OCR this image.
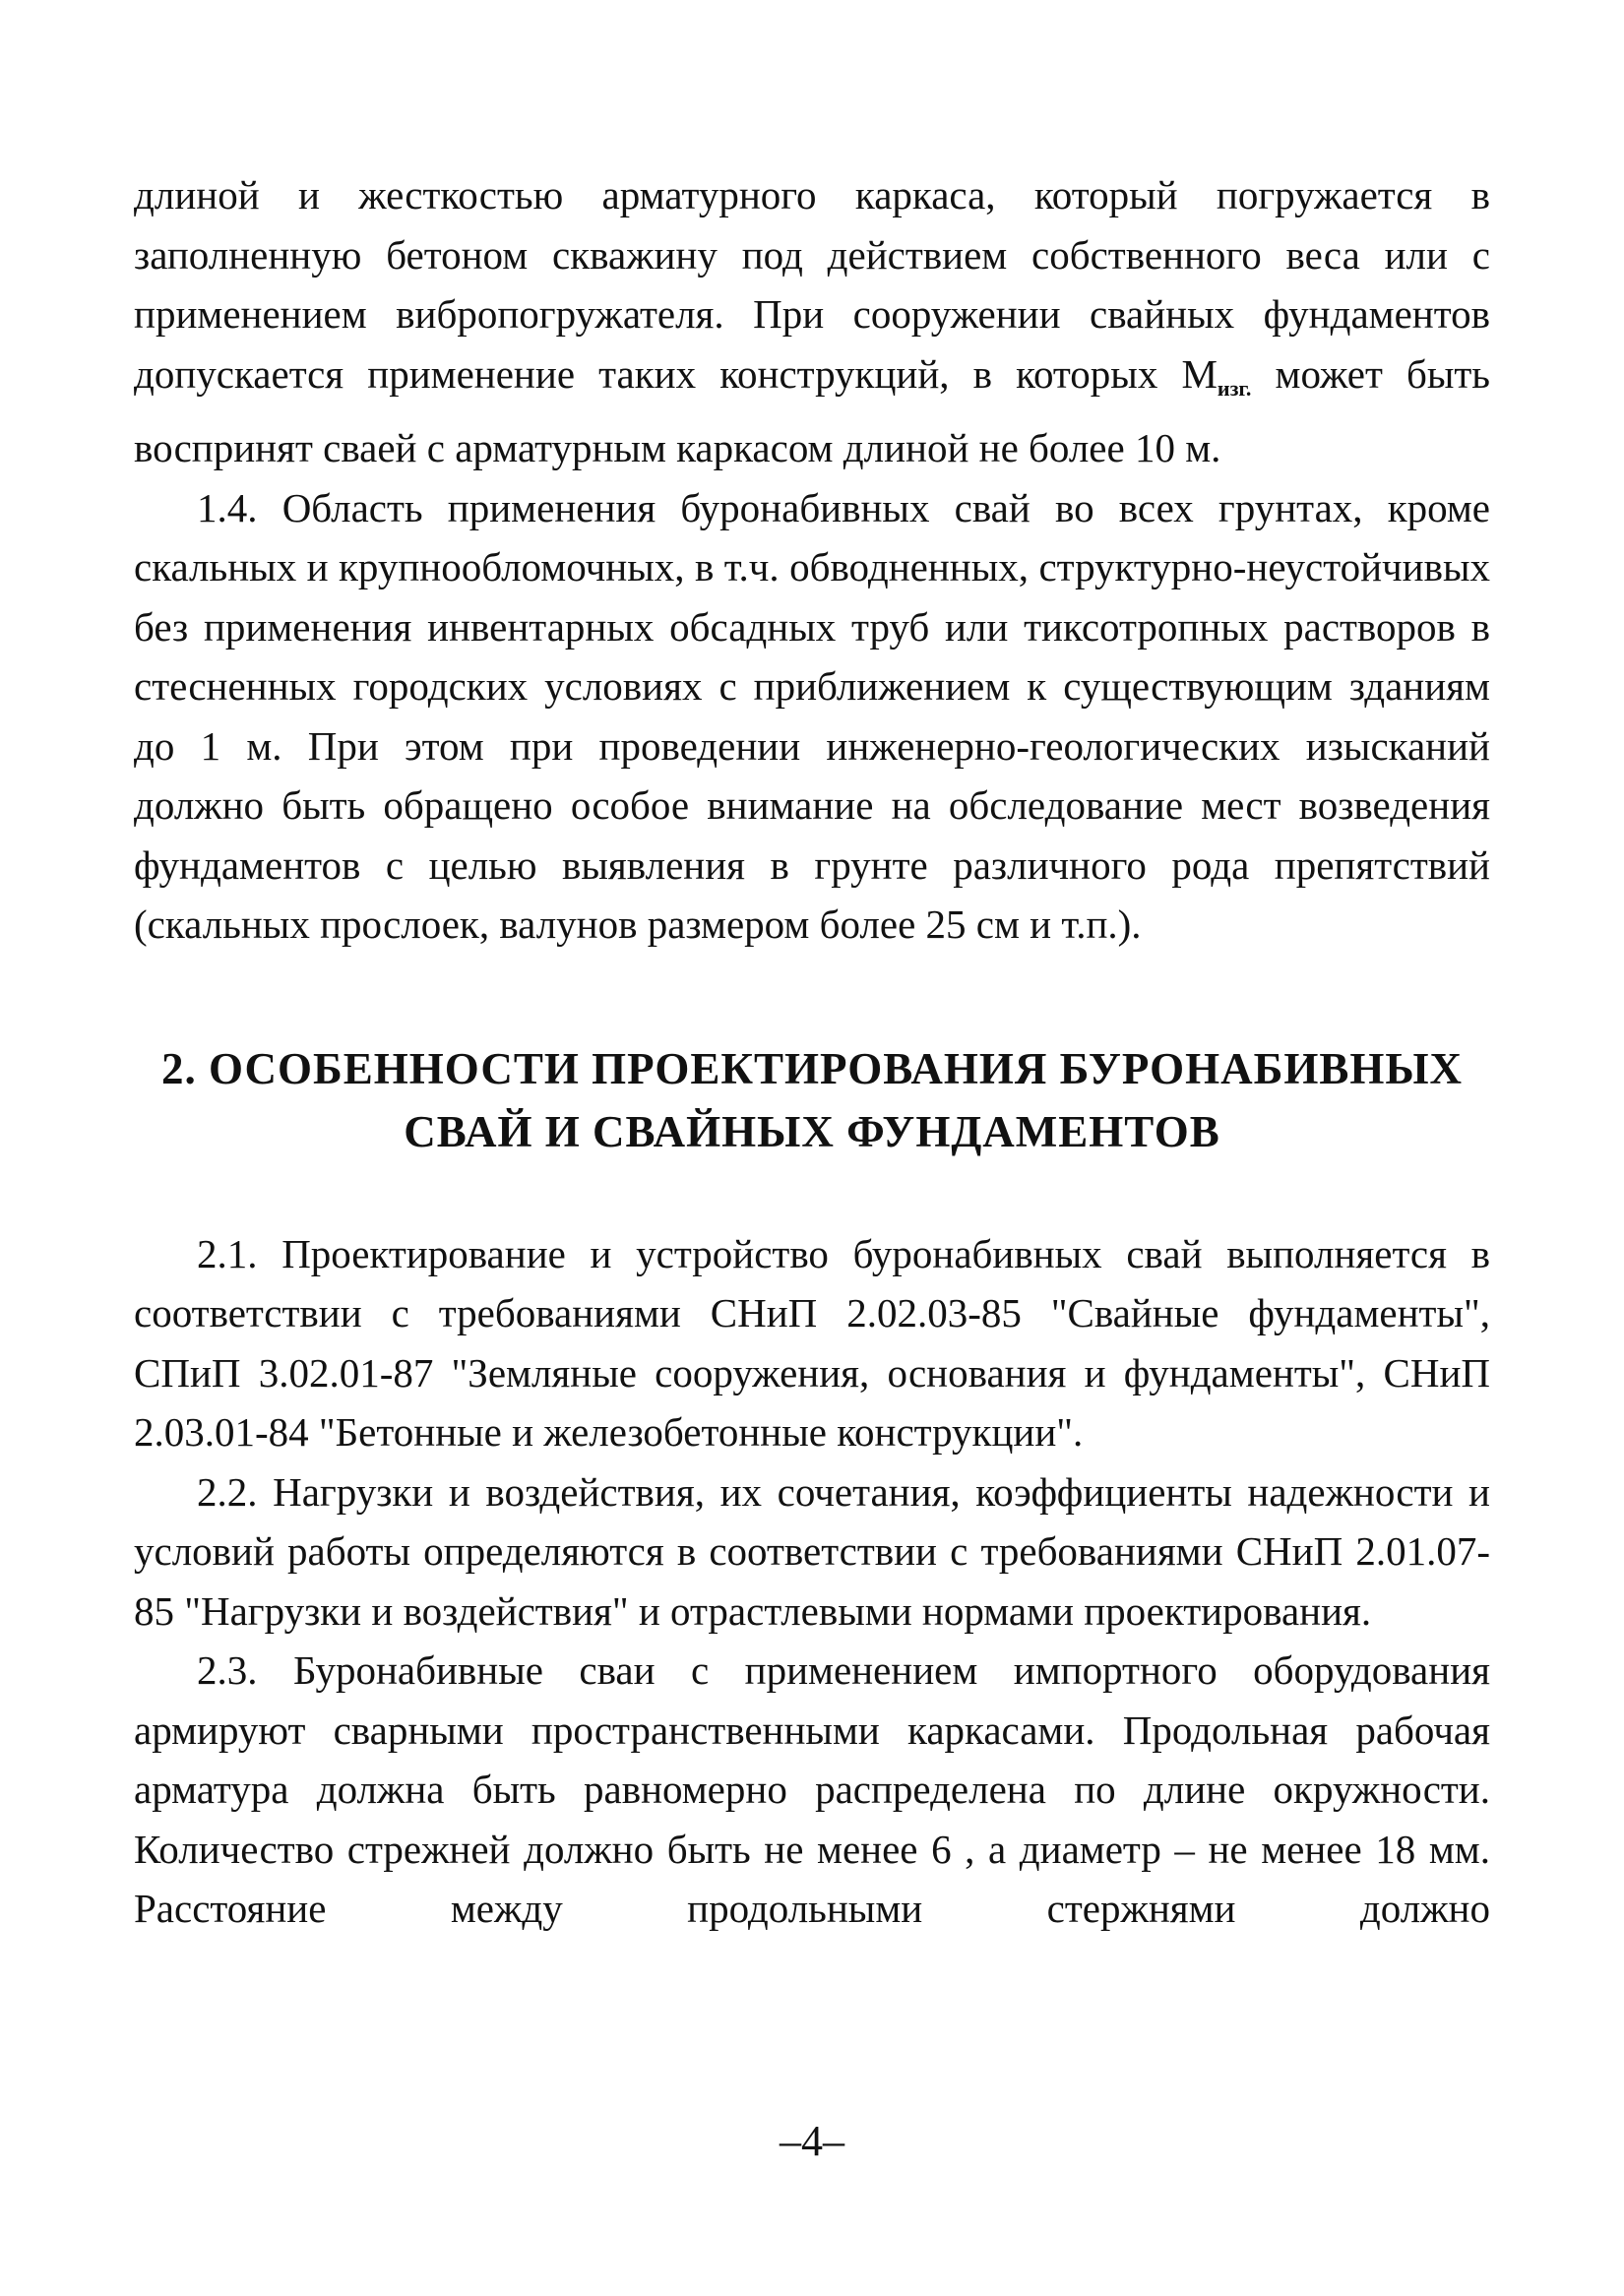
длиной и жесткостью арматурного каркаса, который погружается в заполненную бетоном скважину под действием собственного веса или с применением вибропогружателя. При сооружении свайных фундаментов допускается применение таких конструкций, в которых $M_{изг.}$ может быть воспринят сваей с арматурным каркасом длиной не более 10 м.

1.4. Область применения буронабивных свай во всех грунтах, кроме скальных и крупнообломочных, в т.ч. обводненных, структурно-неустойчивых без применения инвентарных обсадных труб или тиксотропных растворов в стесненных городских условиях с приближением к существующим зданиям до 1 м. При этом при проведении инженерно-геологических изысканий должно быть обращено особое внимание на обследование мест возведения фундаментов с целью выявления в грунте различного рода препятствий (скальных прослоек, валунов размером более 25 см и т.п.).

2. ОСОБЕННОСТИ ПРОЕКТИРОВАНИЯ БУРОНАБИВНЫХ
СВАЙ И СВАЙНЫХ ФУНДАМЕНТОВ

2.1. Проектирование и устройство буронабивных свай выполняется в соответствии с требованиями СНиП 2.02.03-85 "Свайные фундаменты", СПиП 3.02.01-87 "Земляные сооружения, основания и фундаменты", СНиП 2.03.01-84 "Бетонные и железобетонные конструкции".

2.2. Нагрузки и воздействия, их сочетания, коэффициенты надежности и условий работы определяются в соответствии с требованиями СНиП 2.01.07-85 "Нагрузки и воздействия" и отрастлевыми нормами проектирования.

2.3. Буронабивные сваи с применением импортного оборудования армируют сварными пространственными каркасами. Продольная рабочая арматура должна быть равномерно распределена по длине окружности. Количество стрежней должно быть не менее 6 , а диаметр – не менее 18 мм. Расстояние между продольными стержнями должно

–4–
